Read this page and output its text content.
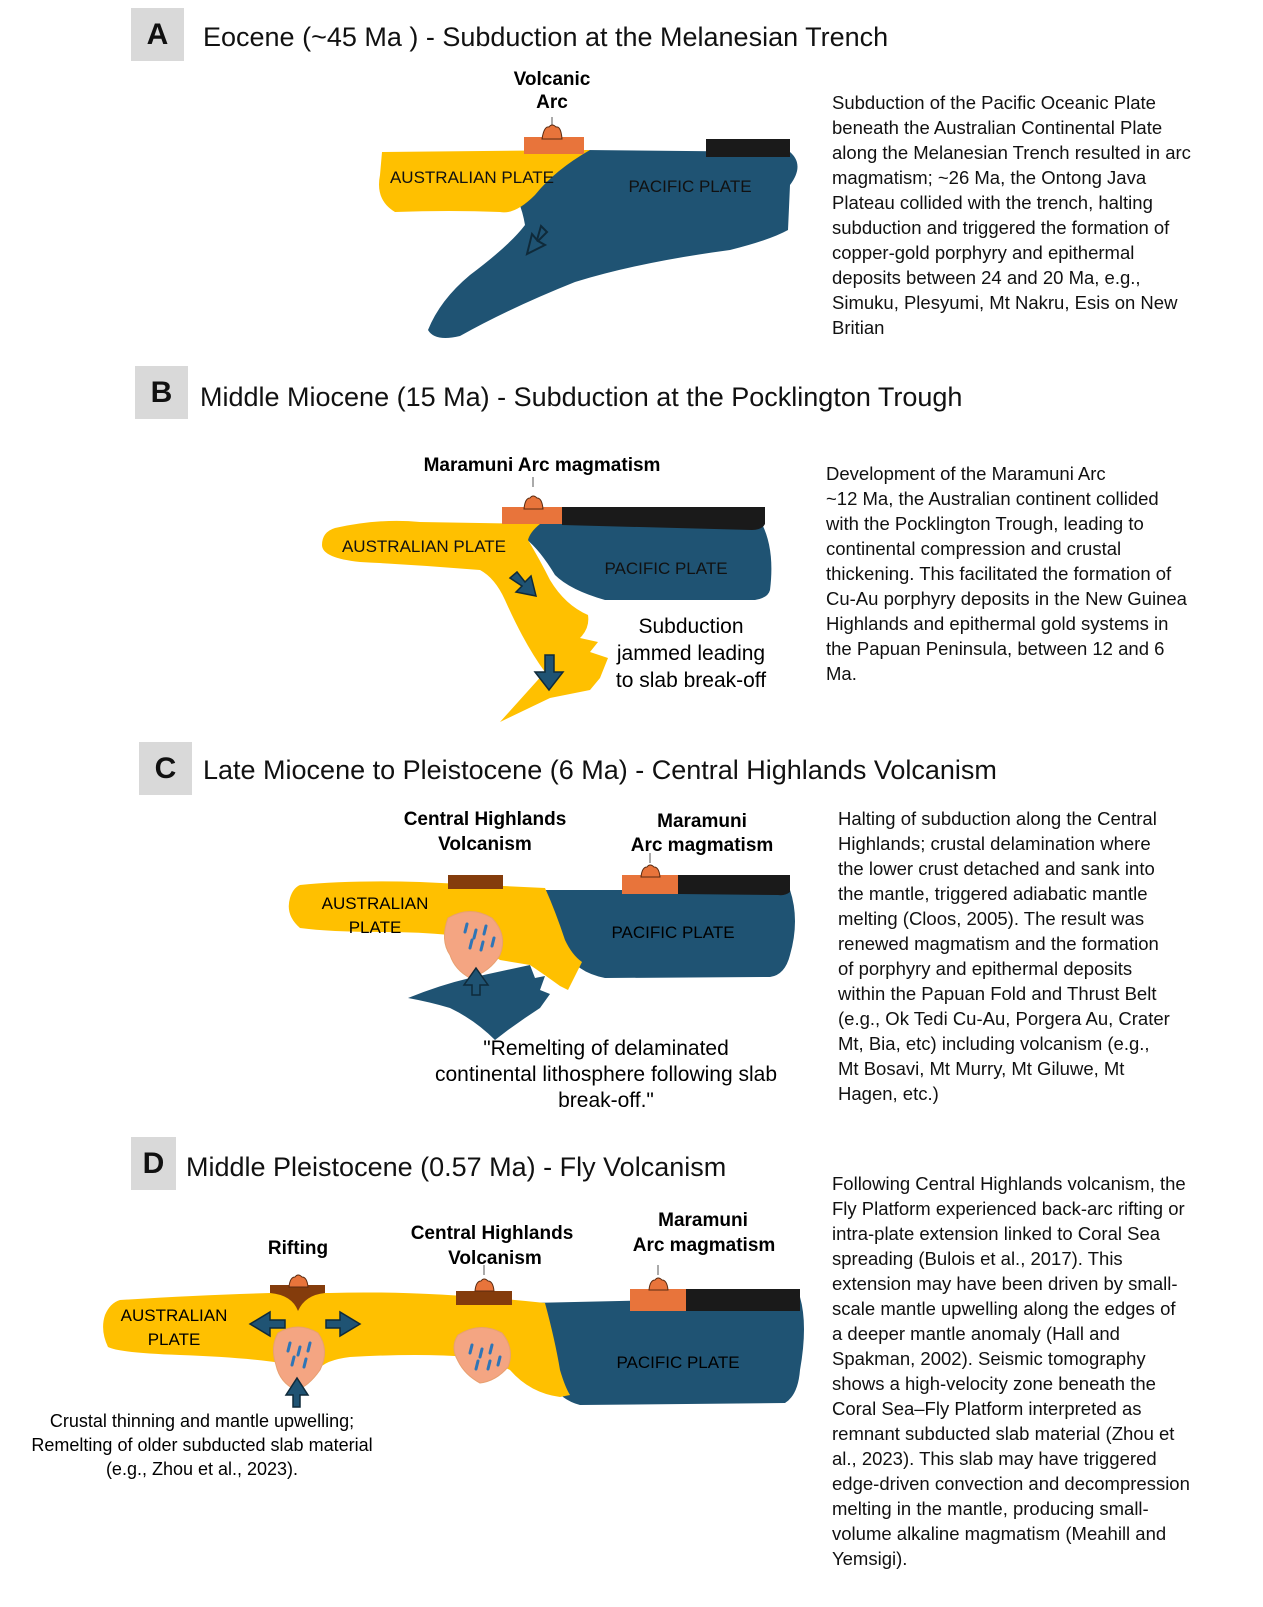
A	Eocene (~45 Ma ) - Subduction at the Melanesian Trench
Subduction of the Pacific Oceanic Plate
beneath the Australian Continental Plate
along the Melanesian Trench resulted in arc
magmatism; ~26 Ma, the Ontong Java
Plateau collided with the trench, halting
subduction and triggered the formation of
copper-gold porphyry and epithermal
deposits between 24 and 20 Ma, e.g.,
Simuku, Plesyumi, Mt Nakru, Esis on New
Britian
Volcanic
Arc
AUSTRALIAN PLATE	PACIFIC PLATE
B	Middle Miocene (15 Ma) - Subduction at the Pocklington Trough
Development of the Maramuni Arc
~12 Ma, the Australian continent collided
with the Pocklington Trough, leading to
continental compression and crustal
thickening. This facilitated the formation of
Cu-Au porphyry deposits in the New Guinea
Highlands and epithermal gold systems in
the Papuan Peninsula, between 12 and 6
Ma.
Maramuni Arc magmatism
AUSTRALIAN PLATE
PACIFIC PLATE
Subduction
jammed leading
to slab break-off
C Late Miocene to Pleistocene (6 Ma) - Central Highlands Volcanism
Halting of subduction along the Central
Highlands; crustal delamination where
the lower crust detached and sank into
the mantle, triggered adiabatic mantle
melting (Cloos, 2005). The result was
renewed magmatism and the formation
of porphyry and epithermal deposits
within the Papuan Fold and Thrust Belt
(e.g., Ok Tedi Cu-Au, Porgera Au, Crater
Mt, Bia, etc) including volcanism (e.g.,
Mt Bosavi, Mt Murry, Mt Giluwe, Mt
Hagen, etc.)
Central Highlands
Volcanism
Maramuni
Arc magmatism
AUSTRALIAN
PLATE	PACIFIC PLATE
"Remelting of delaminated
continental lithosphere following slab
break-off."
D Middle Pleistocene (0.57 Ma) - Fly Volcanism
Following Central Highlands volcanism, the
Fly Platform experienced back-arc rifting or
intra-plate extension linked to Coral Sea
spreading (Bulois et al., 2017). This
extension may have been driven by small-
scale mantle upwelling along the edges of
a deeper mantle anomaly (Hall and
Spakman, 2002). Seismic tomography
shows a high-velocity zone beneath the
Coral Sea–Fly Platform interpreted as
remnant subducted slab material (Zhou et
al., 2023). This slab may have triggered
edge-driven convection and decompression
melting in the mantle, producing small-
volume alkaline magmatism (Meahill and
Yemsigi).
Rifting
Central Highlands
Volcanism
Maramuni
Arc magmatism
AUSTRALIAN
PLATE
PACIFIC PLATE
Crustal thinning and mantle upwelling;
Remelting of older subducted slab material
(e.g., Zhou et al., 2023).
